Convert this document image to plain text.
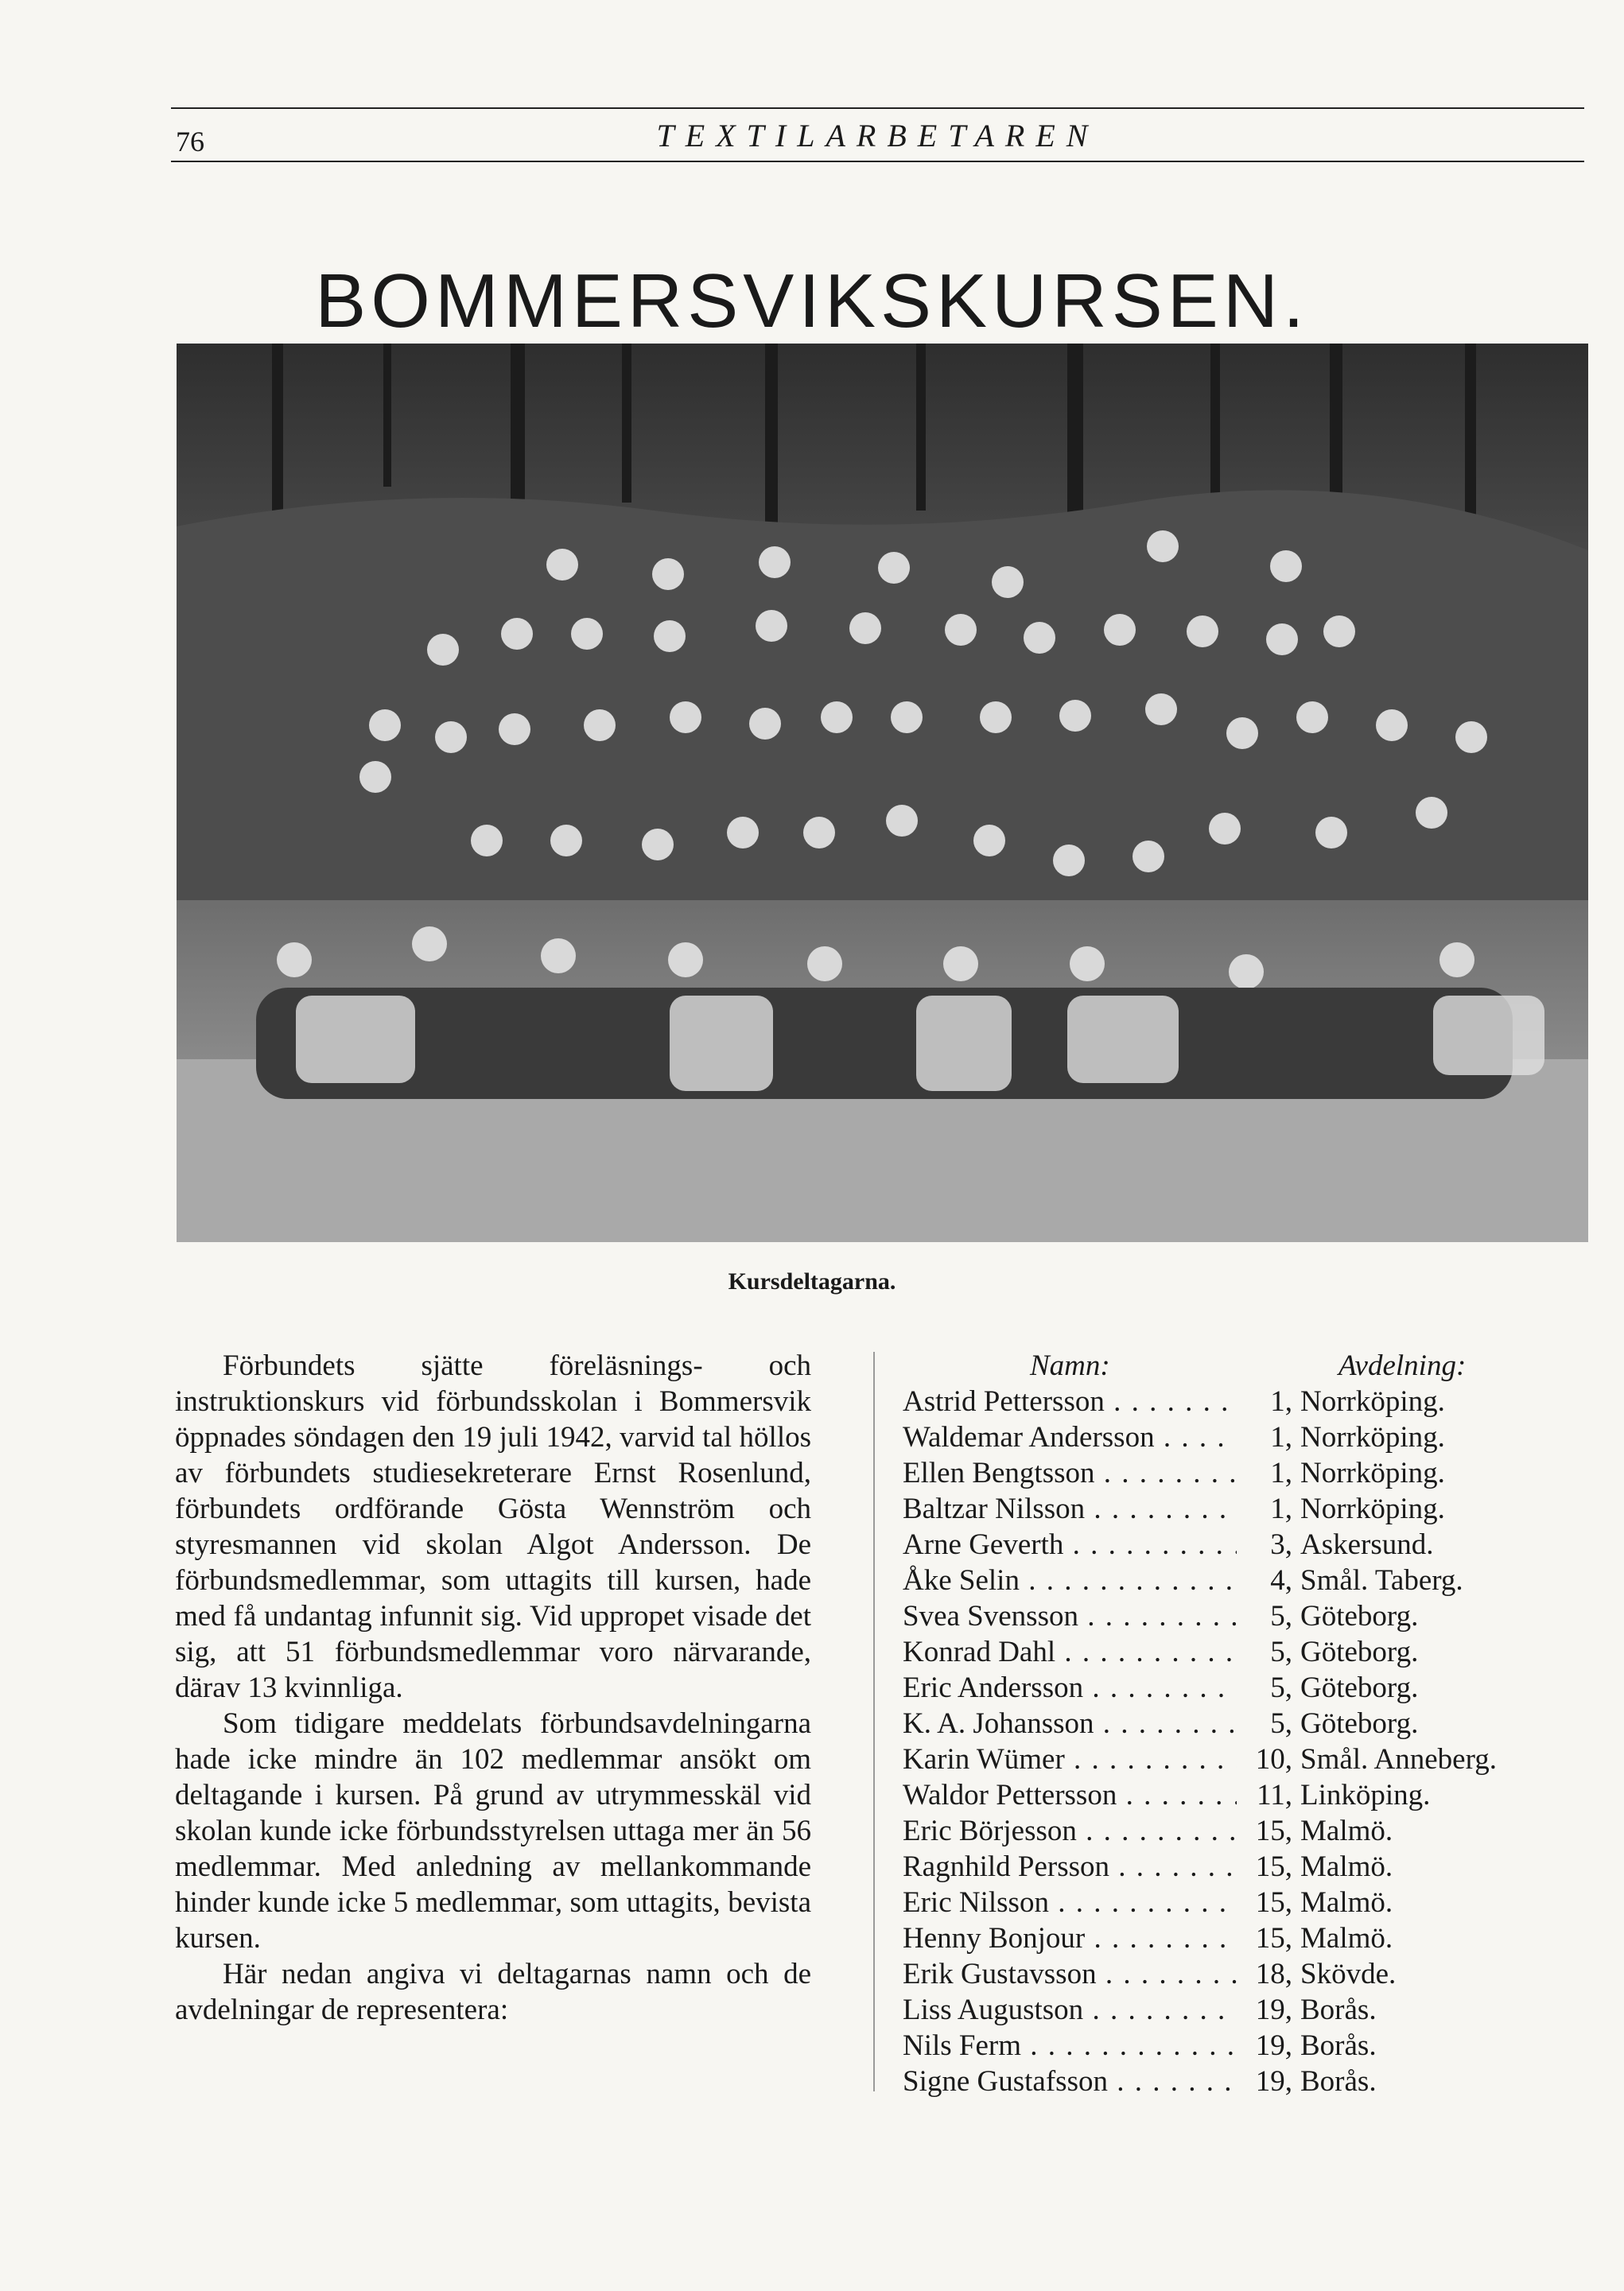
76	TEXTILARBETAREN
BOMMERSVIKSKURSEN.
Kursdeltagarna.

Förbundets sjätte föreläsnings- och instruktionskurs vid förbundsskolan i Bommersvik öppnades söndagen den 19 juli 1942, varvid tal höllos av förbundets studiesekreterare Ernst Rosenlund, förbundets ordförande Gösta Wennström och styresmannen vid skolan Algot Andersson. De förbundsmedlemmar, som uttagits till kursen, hade med få undantag infunnit sig. Vid uppropet visade det sig, att 51 förbundsmedlemmar voro närvarande, därav 13 kvinnliga.

Som tidigare meddelats förbundsavdelningarna hade icke mindre än 102 medlemmar ansökt om deltagande i kursen. På grund av utrymmesskäl vid skolan kunde icke förbundsstyrelsen uttaga mer än 56 medlemmar. Med anledning av mellankommande hinder kunde icke 5 medlemmar, som uttagits, bevista kursen.

Här nedan angiva vi deltagarnas namn och de avdelningar de representera:

Namn:	Avdelning:
Astrid Pettersson . . .	1, Norrköping.
Waldemar Andersson . . .	1, Norrköping.
Ellen Bengtsson . . .	1, Norrköping.
Baltzar Nilsson . . .	1, Norrköping.
Arne Geverth . . .	3, Askersund.
Åke Selin . . .	4, Smål. Taberg.
Svea Svensson . . .	5, Göteborg.
Konrad Dahl . . .	5, Göteborg.
Eric Andersson . . .	5, Göteborg.
K. A. Johansson . . .	5, Göteborg.
Karin Wümer . . .	10, Smål. Anneberg.
Waldor Pettersson . . .	11, Linköping.
Eric Börjesson . . .	15, Malmö.
Ragnhild Persson . . .	15, Malmö.
Eric Nilsson . . .	15, Malmö.
Henny Bonjour . . .	15, Malmö.
Erik Gustavsson . . .	18, Skövde.
Liss Augustson . . .	19, Borås.
Nils Ferm . . .	19, Borås.
Signe Gustafsson . . .	19, Borås.
